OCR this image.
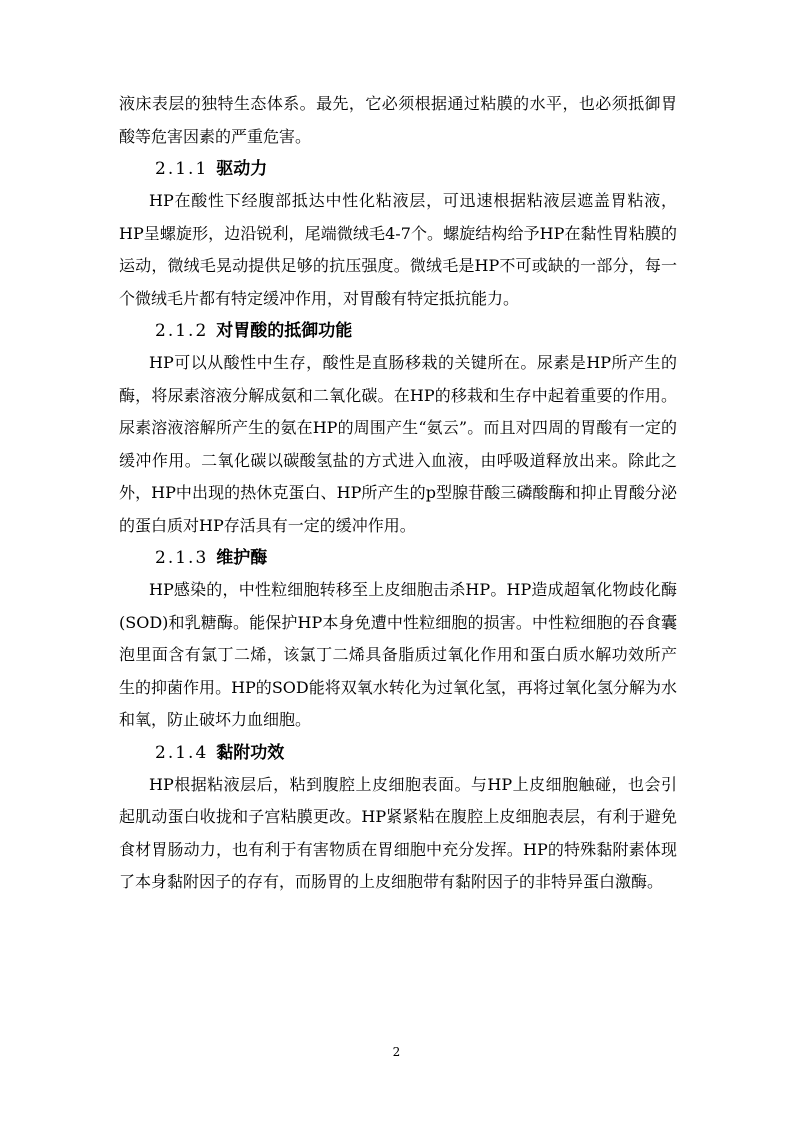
液床表层的独特生态体系。最先，它必须根据通过粘膜的水平，也必须抵御胃酸等危害因素的严重危害。

2.1.1 驱动力

HP在酸性下经腹部抵达中性化粘液层，可迅速根据粘液层遮盖胃粘液，HP呈螺旋形，边沿锐利，尾端微绒毛4-7个。螺旋结构给予HP在黏性胃粘膜的运动，微绒毛晃动提供足够的抗压强度。微绒毛是HP不可或缺的一部分，每一个微绒毛片都有特定缓冲作用，对胃酸有特定抵抗能力。

2.1.2 对胃酸的抵御功能

HP可以从酸性中生存，酸性是直肠移栽的关键所在。尿素是HP所产生的酶，将尿素溶液分解成氨和二氧化碳。在HP的移栽和生存中起着重要的作用。尿素溶液溶解所产生的氨在HP的周围产生“氨云”。而且对四周的胃酸有一定的缓冲作用。二氧化碳以碳酸氢盐的方式进入血液，由呼吸道释放出来。除此之外，HP中出现的热休克蛋白、HP所产生的p型腺苷酸三磷酸酶和抑止胃酸分泌的蛋白质对HP存活具有一定的缓冲作用。

2.1.3 维护酶

HP感染的，中性粒细胞转移至上皮细胞击杀HP。HP造成超氧化物歧化酶(SOD)和乳糖酶。能保护HP本身免遭中性粒细胞的损害。中性粒细胞的吞食囊泡里面含有氯丁二烯，该氯丁二烯具备脂质过氧化作用和蛋白质水解功效所产生的抑菌作用。HP的SOD能将双氧水转化为过氧化氢，再将过氧化氢分解为水和氧，防止破坏力血细胞。

2.1.4 黏附功效

HP根据粘液层后，粘到腹腔上皮细胞表面。与HP上皮细胞触碰，也会引起肌动蛋白收拢和子宫粘膜更改。HP紧紧粘在腹腔上皮细胞表层，有利于避免食材胃肠动力，也有利于有害物质在胃细胞中充分发挥。HP的特殊黏附素体现了本身黏附因子的存有，而肠胃的上皮细胞带有黏附因子的非特异蛋白激酶。

2
